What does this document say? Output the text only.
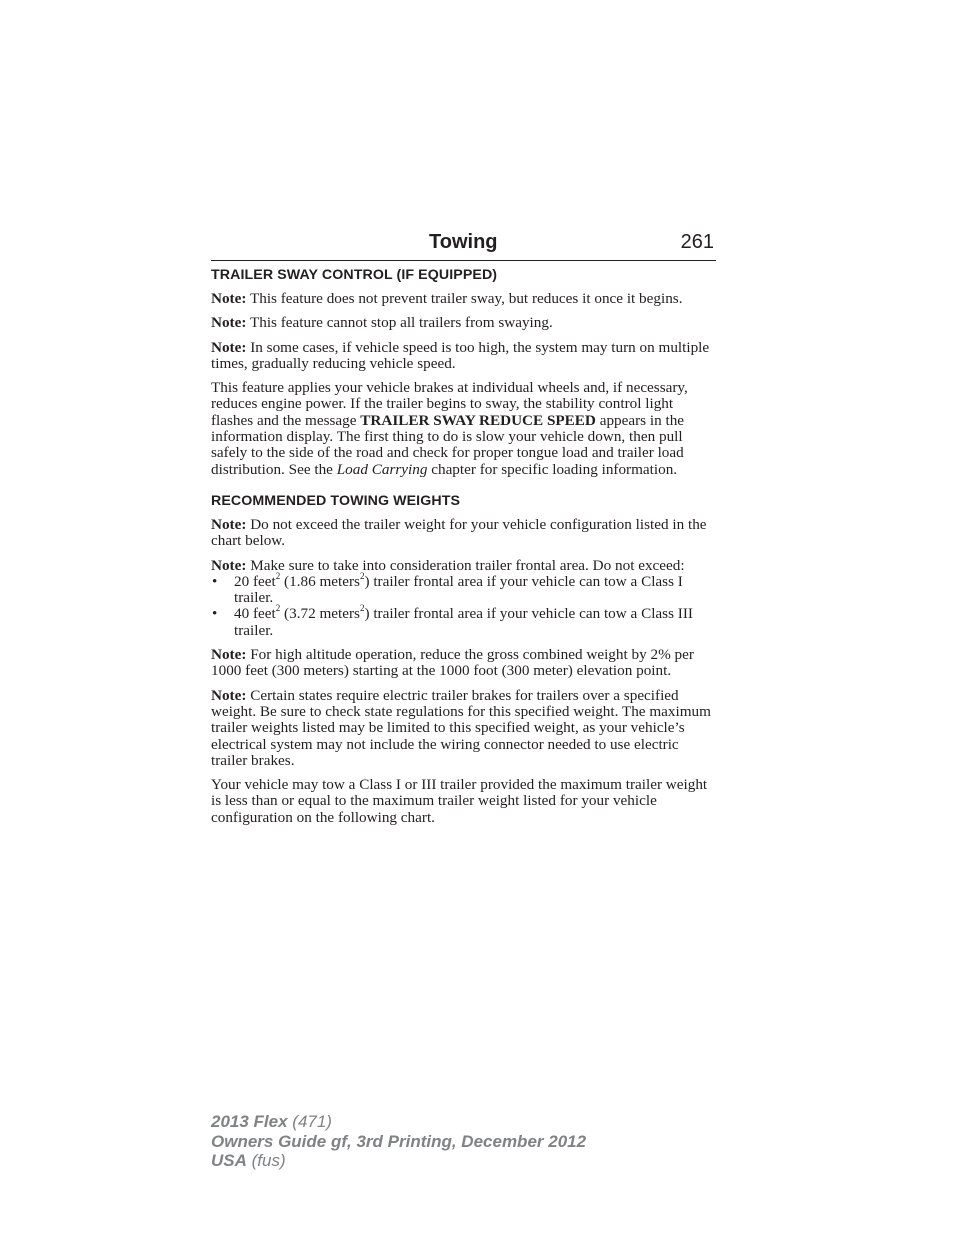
Towing	261
TRAILER SWAY CONTROL (IF EQUIPPED)

Note: This feature does not prevent trailer sway, but reduces it once it begins.

Note: This feature cannot stop all trailers from swaying.

Note: In some cases, if vehicle speed is too high, the system may turn on multiple times, gradually reducing vehicle speed.

This feature applies your vehicle brakes at individual wheels and, if necessary, reduces engine power. If the trailer begins to sway, the stability control light flashes and the message TRAILER SWAY REDUCE SPEED appears in the information display. The first thing to do is slow your vehicle down, then pull safely to the side of the road and check for proper tongue load and trailer load distribution. See the Load Carrying chapter for specific loading information.

RECOMMENDED TOWING WEIGHTS

Note: Do not exceed the trailer weight for your vehicle configuration listed in the chart below.

Note: Make sure to take into consideration trailer frontal area. Do not exceed:

• 20 feet$^2$ (1.86 meters$^2$) trailer frontal area if your vehicle can tow a Class I trailer.
• 40 feet$^2$ (3.72 meters$^2$) trailer frontal area if your vehicle can tow a Class III trailer.

Note: For high altitude operation, reduce the gross combined weight by 2% per 1000 feet (300 meters) starting at the 1000 foot (300 meter) elevation point.

Note: Certain states require electric trailer brakes for trailers over a specified weight. Be sure to check state regulations for this specified weight. The maximum trailer weights listed may be limited to this specified weight, as your vehicle’s electrical system may not include the wiring connector needed to use electric trailer brakes.

Your vehicle may tow a Class I or III trailer provided the maximum trailer weight is less than or equal to the maximum trailer weight listed for your vehicle configuration on the following chart.

2013 Flex (471)
Owners Guide gf, 3rd Printing, December 2012
USA (fus)
